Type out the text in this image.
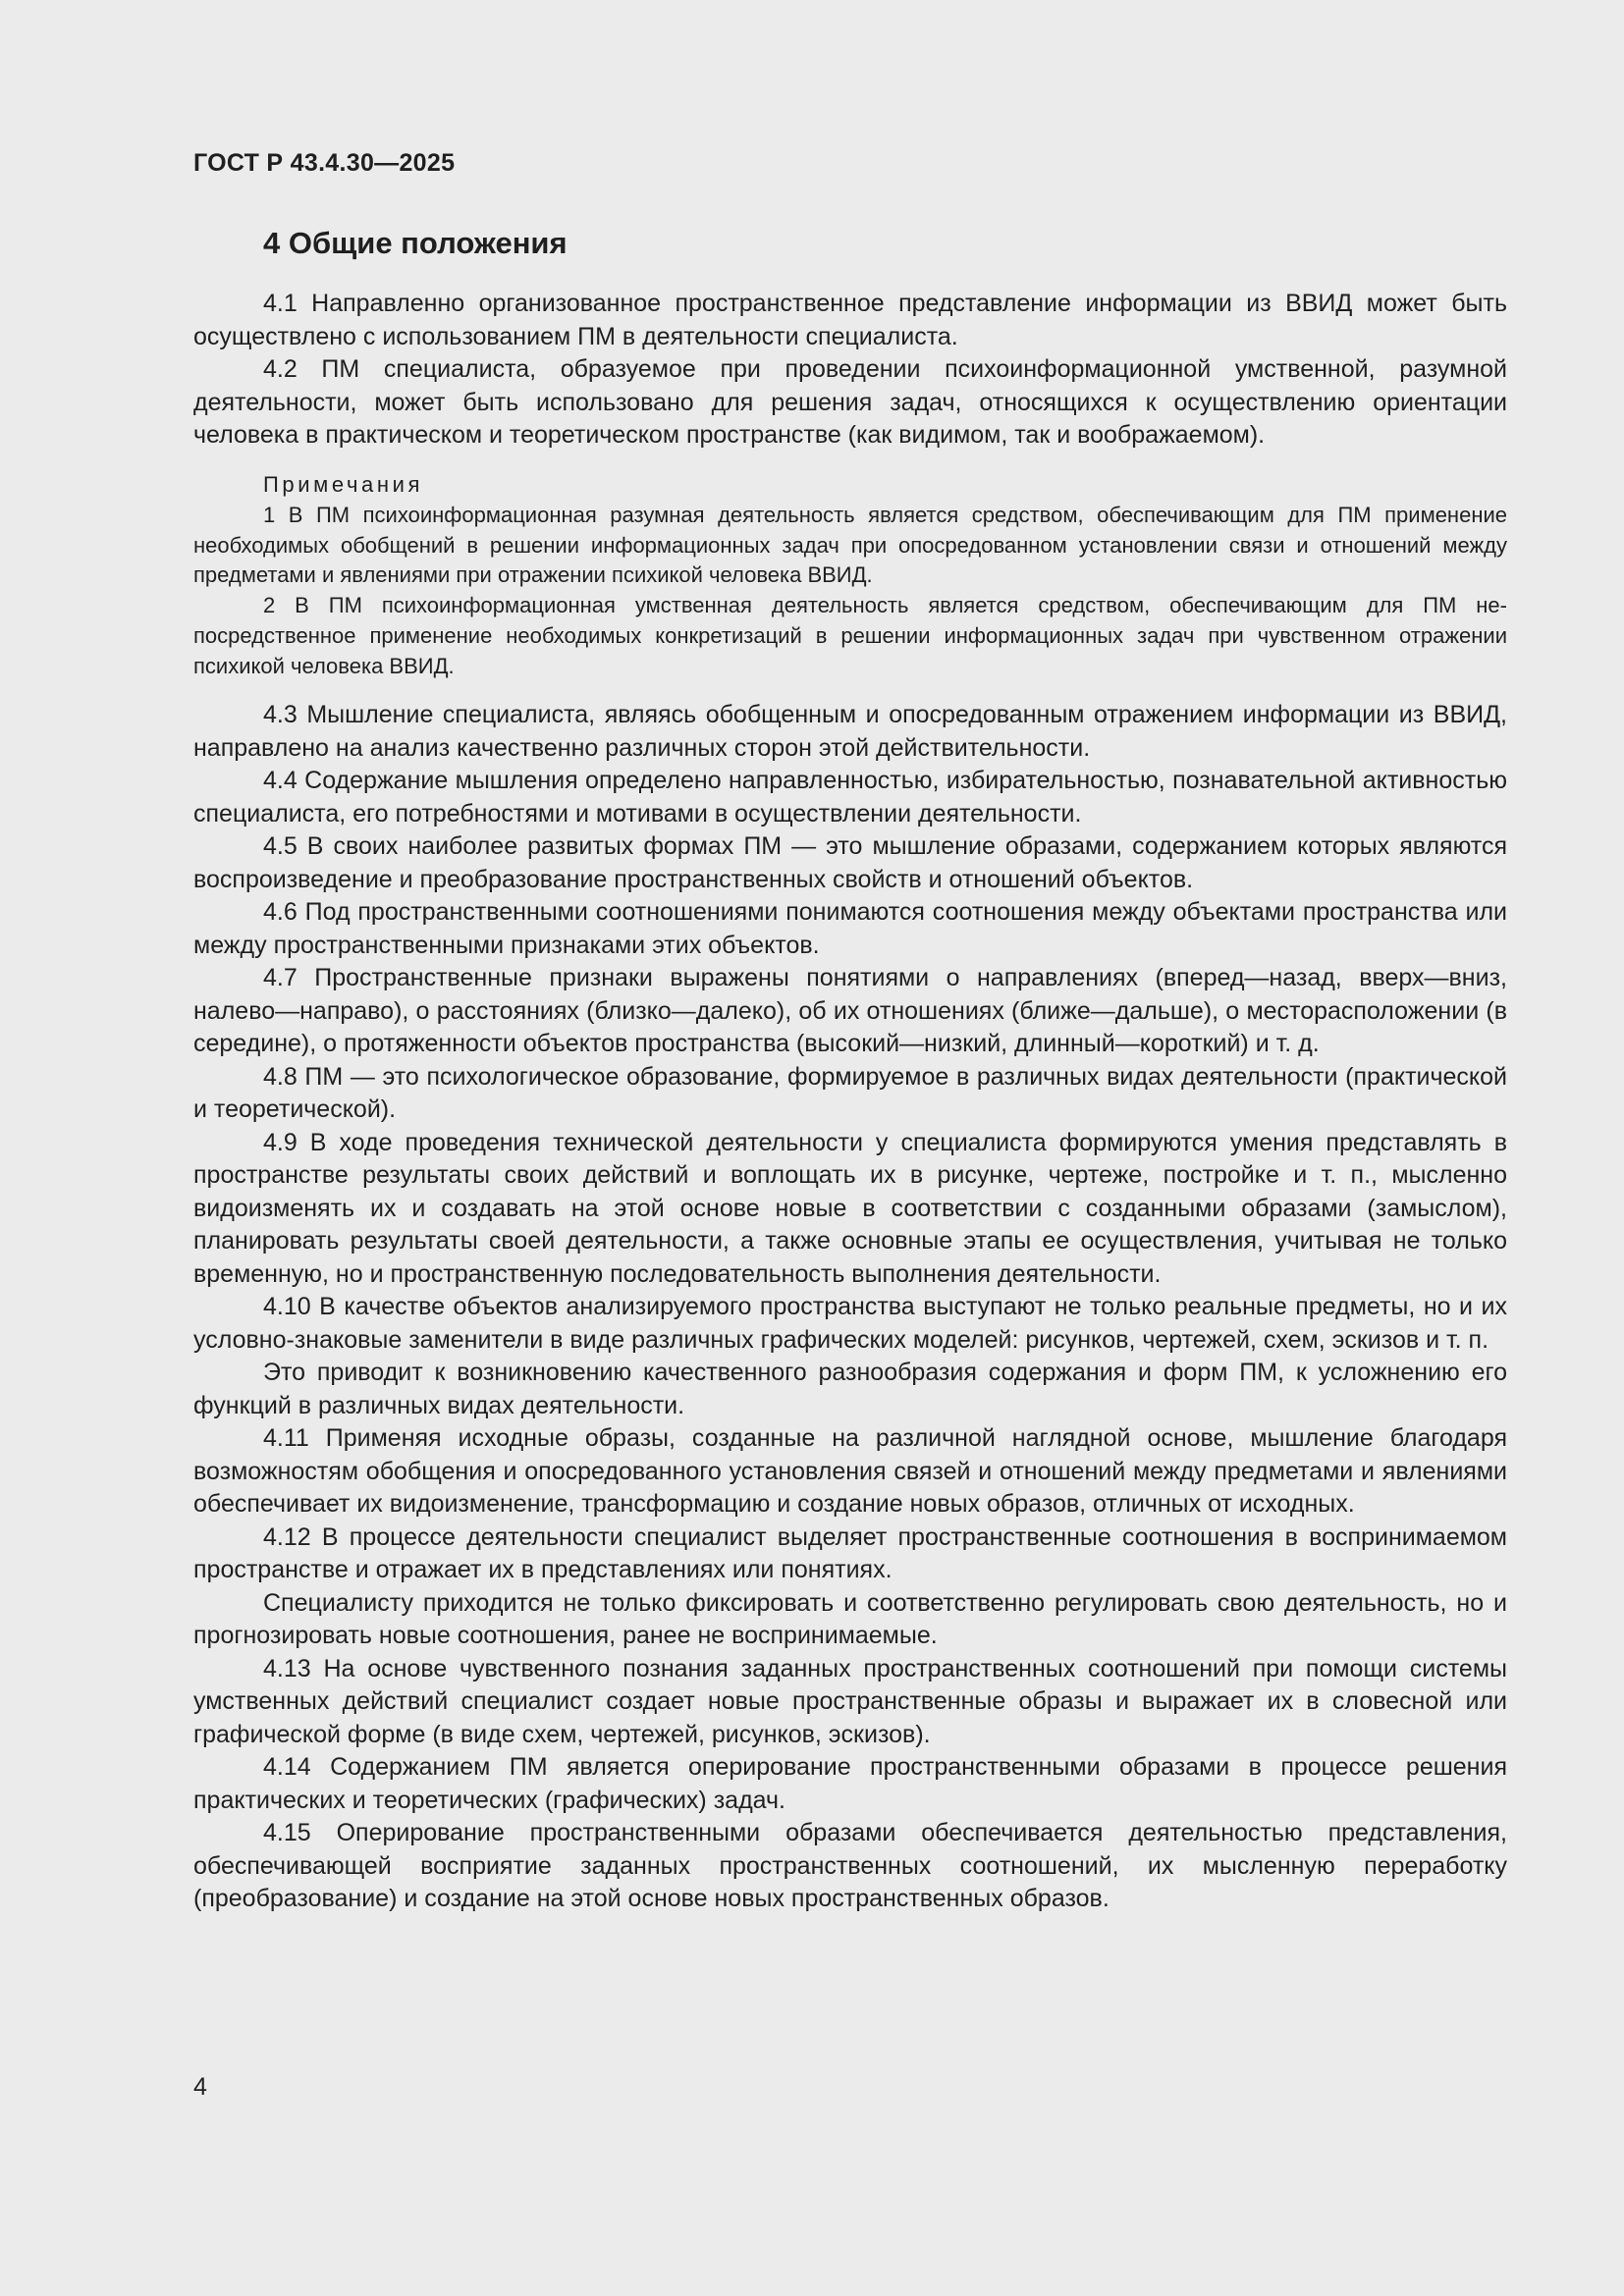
ГОСТ Р 43.4.30—2025
4 Общие положения

4.1 Направленно организованное пространственное представление информации из ВВИД может быть осуществлено с использованием ПМ в деятельности специалиста.

4.2 ПМ специалиста, образуемое при проведении психоинформационной умственной, разумной деятельности, может быть использовано для решения задач, относящихся к осуществлению ориентации человека в практическом и теоретическом пространстве (как видимом, так и воображаемом).

Примечания

1 В ПМ психоинформационная разумная деятельность является средством, обеспечивающим для ПМ применение необходимых обобщений в решении информационных задач при опосредованном установлении связи и отношений между предметами и явлениями при отражении психикой человека ВВИД.

2 В ПМ психоинформационная умственная деятельность является средством, обеспечивающим для ПМ непосредственное применение необходимых конкретизаций в решении информационных задач при чувственном отражении психикой человека ВВИД.

4.3 Мышление специалиста, являясь обобщенным и опосредованным отражением информации из ВВИД, направлено на анализ качественно различных сторон этой действительности.

4.4 Содержание мышления определено направленностью, избирательностью, познавательной активностью специалиста, его потребностями и мотивами в осуществлении деятельности.

4.5 В своих наиболее развитых формах ПМ — это мышление образами, содержанием которых являются воспроизведение и преобразование пространственных свойств и отношений объектов.

4.6 Под пространственными соотношениями понимаются соотношения между объектами пространства или между пространственными признаками этих объектов.

4.7 Пространственные признаки выражены понятиями о направлениях (вперед—назад, вверх—вниз, налево—направо), о расстояниях (близко—далеко), об их отношениях (ближе—дальше), о месторасположении (в середине), о протяженности объектов пространства (высокий—низкий, длинный—короткий) и т. д.

4.8 ПМ — это психологическое образование, формируемое в различных видах деятельности (практической и теоретической).

4.9 В ходе проведения технической деятельности у специалиста формируются умения представлять в пространстве результаты своих действий и воплощать их в рисунке, чертеже, постройке и т. п., мысленно видоизменять их и создавать на этой основе новые в соответствии с созданными образами (замыслом), планировать результаты своей деятельности, а также основные этапы ее осуществления, учитывая не только временную, но и пространственную последовательность выполнения деятельности.

4.10 В качестве объектов анализируемого пространства выступают не только реальные предметы, но и их условно-знаковые заменители в виде различных графических моделей: рисунков, чертежей, схем, эскизов и т. п.

Это приводит к возникновению качественного разнообразия содержания и форм ПМ, к усложнению его функций в различных видах деятельности.

4.11 Применяя исходные образы, созданные на различной наглядной основе, мышление благодаря возможностям обобщения и опосредованного установления связей и отношений между предметами и явлениями обеспечивает их видоизменение, трансформацию и создание новых образов, отличных от исходных.

4.12 В процессе деятельности специалист выделяет пространственные соотношения в воспринимаемом пространстве и отражает их в представлениях или понятиях.

Специалисту приходится не только фиксировать и соответственно регулировать свою деятельность, но и прогнозировать новые соотношения, ранее не воспринимаемые.

4.13 На основе чувственного познания заданных пространственных соотношений при помощи системы умственных действий специалист создает новые пространственные образы и выражает их в словесной или графической форме (в виде схем, чертежей, рисунков, эскизов).

4.14 Содержанием ПМ является оперирование пространственными образами в процессе решения практических и теоретических (графических) задач.

4.15 Оперирование пространственными образами обеспечивается деятельностью представления, обеспечивающей восприятие заданных пространственных соотношений, их мысленную переработку (преобразование) и создание на этой основе новых пространственных образов.

4
